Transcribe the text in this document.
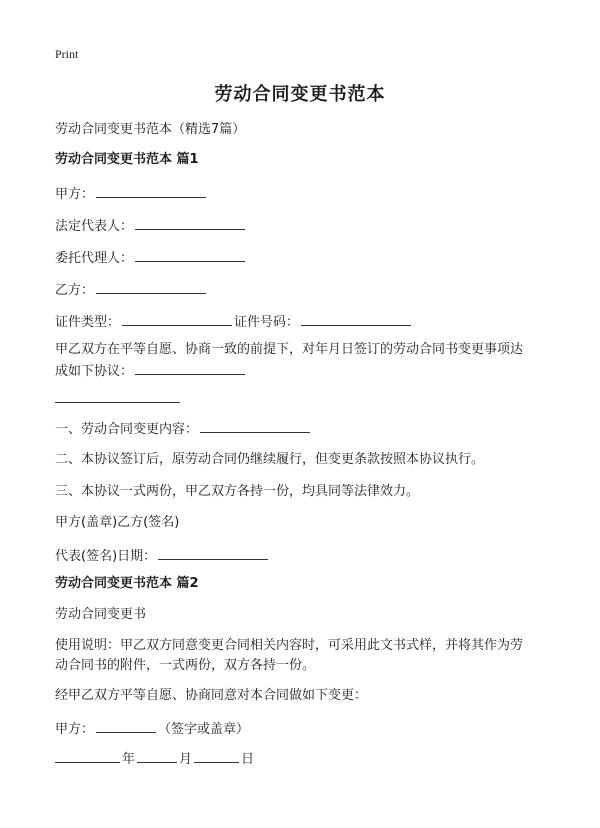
Print
劳动合同变更书范本
劳动合同变更书范本（精选7篇）
劳动合同变更书范本 篇1
甲方：
法定代表人：
委托代理人：
乙方：
证件类型：	证件号码：
甲乙双方在平等自愿、协商一致的前提下，对年月日签订的劳动合同书变更事项达
成如下协议：
一、劳动合同变更内容：
二、本协议签订后，原劳动合同仍继续履行，但变更条款按照本协议执行。
三、本协议一式两份，甲乙双方各持一份，均具同等法律效力。
甲方(盖章)乙方(签名)
代表(签名)日期：
劳动合同变更书范本 篇2
劳动合同变更书
使用说明：甲乙双方同意变更合同相关内容时，可采用此文书式样，并将其作为劳
动合同书的附件，一式两份，双方各持一份。
经甲乙双方平等自愿、协商同意对本合同做如下变更：
甲方：	（签字或盖章）
年	月	日
